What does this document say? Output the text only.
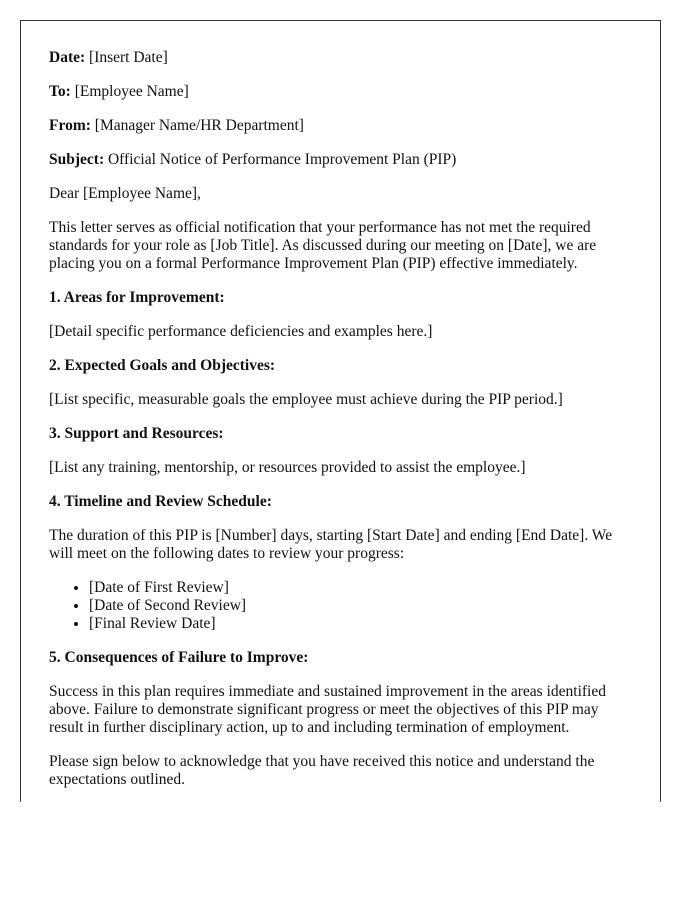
Date: [Insert Date]

To: [Employee Name]

From: [Manager Name/HR Department]

Subject: Official Notice of Performance Improvement Plan (PIP)

Dear [Employee Name],

This letter serves as official notification that your performance has not met the required standards for your role as [Job Title]. As discussed during our meeting on [Date], we are placing you on a formal Performance Improvement Plan (PIP) effective immediately.

1. Areas for Improvement:

[Detail specific performance deficiencies and examples here.]

2. Expected Goals and Objectives:

[List specific, measurable goals the employee must achieve during the PIP period.]

3. Support and Resources:

[List any training, mentorship, or resources provided to assist the employee.]

4. Timeline and Review Schedule:

The duration of this PIP is [Number] days, starting [Start Date] and ending [End Date]. We will meet on the following dates to review your progress:

• [Date of First Review]
• [Date of Second Review]
• [Final Review Date]
5. Consequences of Failure to Improve:

Success in this plan requires immediate and sustained improvement in the areas identified above. Failure to demonstrate significant progress or meet the objectives of this PIP may result in further disciplinary action, up to and including termination of employment.

Please sign below to acknowledge that you have received this notice and understand the expectations outlined.
